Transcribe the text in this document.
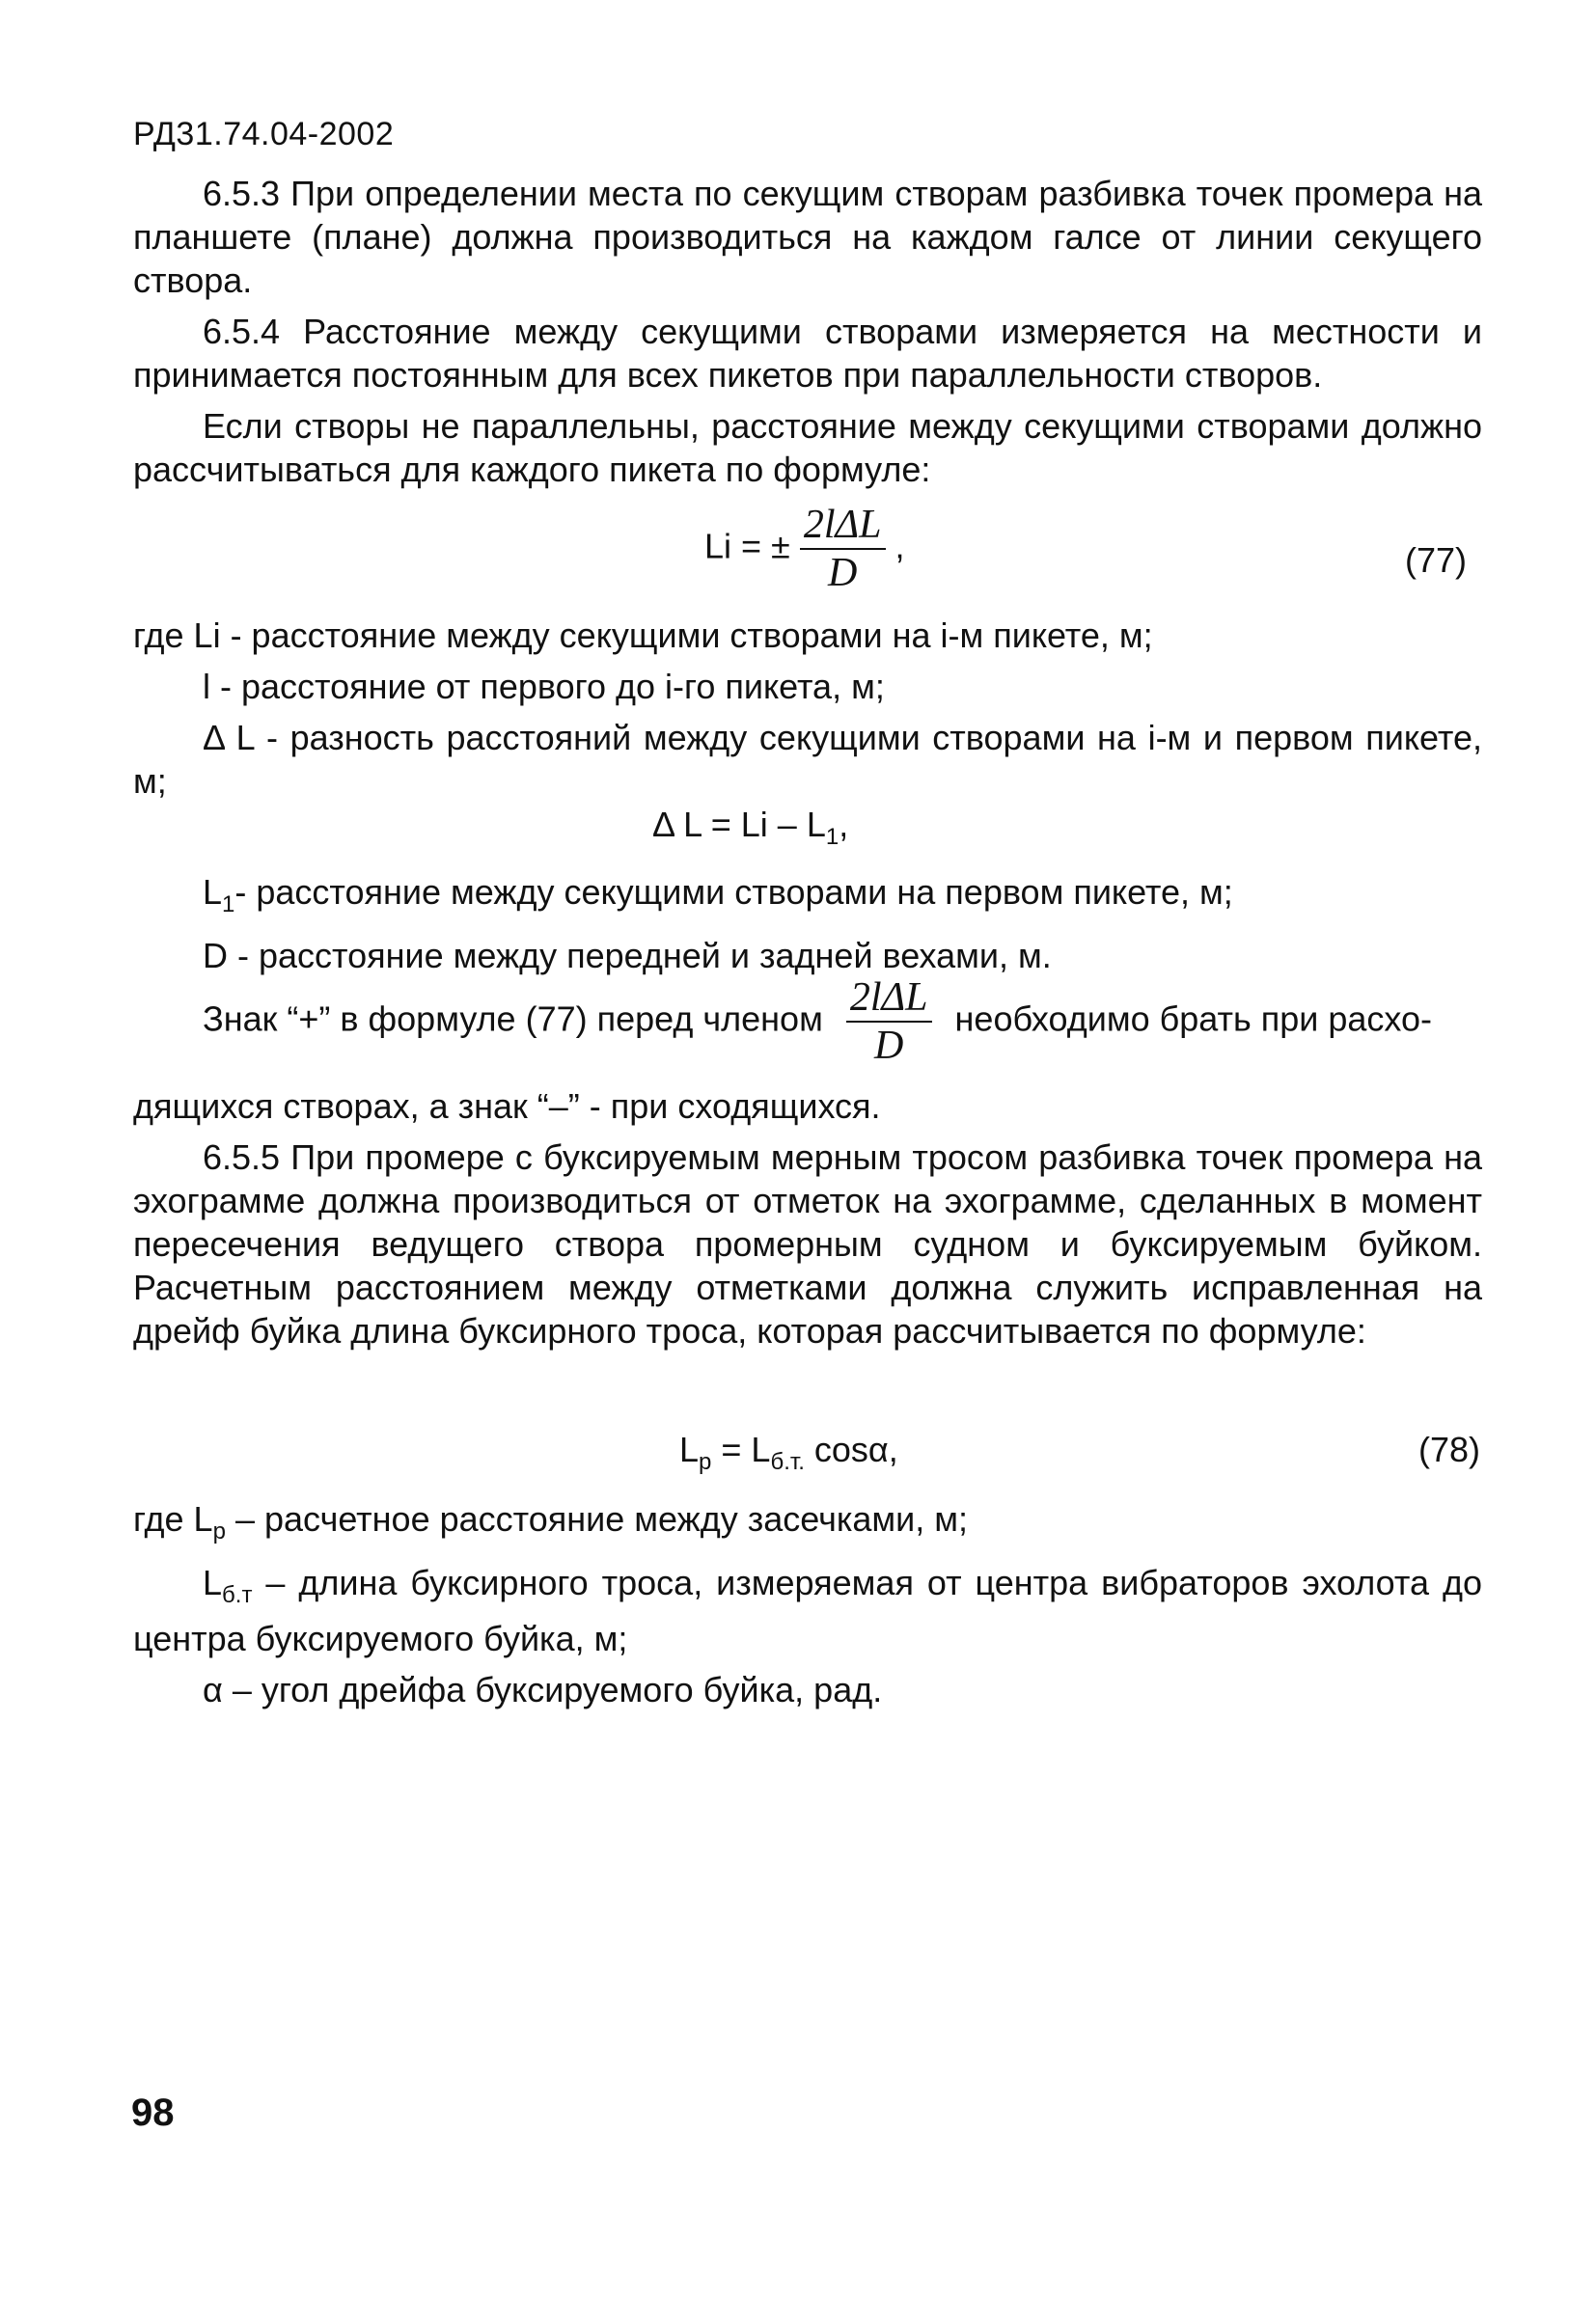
РД31.74.04-2002

6.5.3 При определении места по секущим створам разбивка точек промера на планшете (плане) должна производиться на каждом галсе от линии секущего створа.

6.5.4 Расстояние между секущими створами измеряется на местности и принимается постоянным для всех пикетов при параллельности створов.

Если створы не параллельны, расстояние между секущими створами должно рассчитываться для каждого пикета по формуле:

Li = ± $\frac{\text{2lΔL}}{D}$ ,	(77)

где Li - расстояние между секущими створами на i-м пикете, м;

l - расстояние от первого до i-го пикета, м;

Δ L - разность расстояний между секущими створами на i-м и первом пикете, м;

Δ $L = Li - L_1$,

$L_1-$ расстояние между секущими створами на первом пикете, м;

D - расстояние между передней и задней вехами, м.

Знак “+” в формуле (77) перед членом $\frac{\text{2lΔL}}{D}$ необходимо брать при расхо-

дящихся створах, а знак “–” - при сходящихся.

6.5.5 При промере с буксируемым мерным тросом разбивка точек промера на эхограмме должна производиться от отметок на эхограмме, сделанных в момент пересечения ведущего створа промерным судном и буксируемым буйком. Расчетным расстоянием между отметками должна служить исправленная на дрейф буйка длина буксирного троса, которая рассчитывается по формуле:

$L_р = L_{б.т.}$ cosα,	(78)

где $L_р$ – расчетное расстояние между засечками, м;

$L_{б.т}$ – длина буксирного троса, измеряемая от центра вибраторов эхолота до центра буксируемого буйка, м;

α – угол дрейфа буксируемого буйка, рад.

98
